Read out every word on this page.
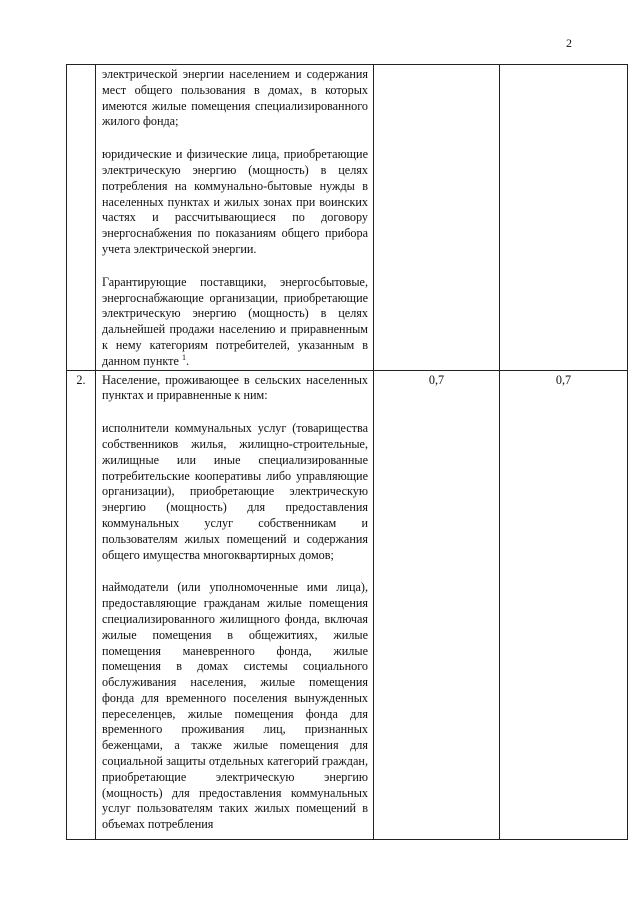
2

	электрической энергии населением и содержания мест общего пользования в домах, в которых имеются жилые помещения специализированного жилого фонда;

юридические и физические лица, приобретающие электрическую энергию (мощность) в целях потребления на коммунально-бытовые нужды в населенных пунктах и жилых зонах при воинских частях и рассчитывающиеся по договору энергоснабжения по показаниям общего прибора учета электрической энергии.

Гарантирующие поставщики, энергосбытовые, энергоснабжающие организации, приобретающие электрическую энергию (мощность) в целях дальнейшей продажи населению и приравненным к нему категориям потребителей, указанным в данном пункте $^1$.		

2.	Население, проживающее в сельских населенных пунктах и приравненные к ним:

исполнители коммунальных услуг (товарищества собственников жилья, жилищно-строительные, жилищные или иные специализированные потребительские кооперативы либо управляющие организации), приобретающие электрическую энергию (мощность) для предоставления коммунальных услуг собственникам и пользователям жилых помещений и содержания общего имущества многоквартирных домов;

наймодатели (или уполномоченные ими лица), предоставляющие гражданам жилые помещения специализированного жилищного фонда, включая жилые помещения в общежитиях, жилые помещения маневренного фонда, жилые помещения в домах системы социального обслуживания населения, жилые помещения фонда для временного поселения вынужденных переселенцев, жилые помещения фонда для временного проживания лиц, признанных беженцами, а также жилые помещения для социальной защиты отдельных категорий граждан, приобретающие электрическую энергию (мощность) для предоставления коммунальных услуг пользователям таких жилых помещений в объемах потребления	0,7	0,7
